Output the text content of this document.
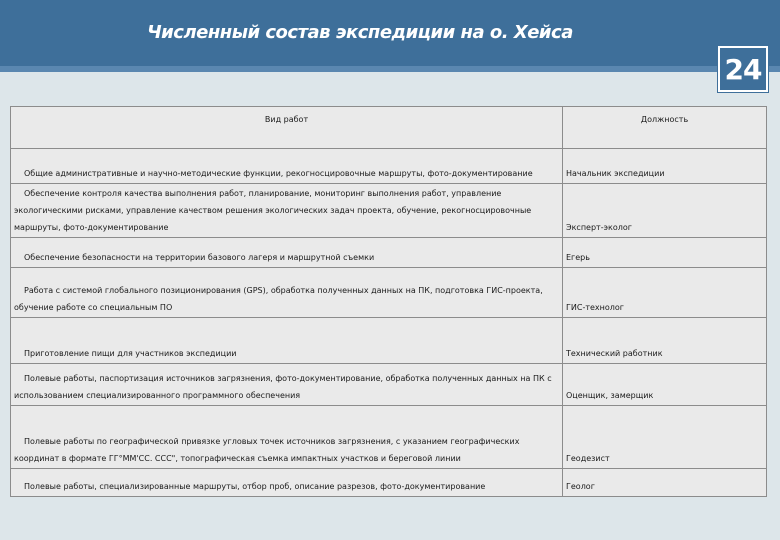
Численный состав экспедиции на о. Хейса
24
Вид работ	Должность
Общие административные и научно-методические функции, рекогносцировочные маршруты, фото-документирование	Начальник экспедиции
Обеспечение контроля качества выполнения работ, планирование, мониторинг выполнения работ, управление экологическими рисками, управление качеством решения экологических задач проекта, обучение, рекогносцировочные маршруты, фото-документирование	Эксперт-эколог
Обеспечение безопасности на территории базового лагеря и маршрутной съемки	Егерь
Работа с системой глобального позиционирования (GPS), обработка полученных данных на ПК, подготовка ГИС-проекта, обучение работе со специальным ПО	ГИС-технолог
Приготовление пищи для участников экспедиции	Технический работник
Полевые работы, паспортизация источников загрязнения, фото-документирование, обработка полученных данных на ПК с использованием специализированного программного обеспечения	Оценщик, замерщик
Полевые работы по географической привязке угловых точек источников загрязнения, с указанием географических координат в формате ГГ°ММ'СС. ССС", топографическая съемка импактных участков и береговой линии	Геодезист
Полевые работы, специализированные маршруты, отбор проб, описание разрезов, фото-документирование	Геолог
